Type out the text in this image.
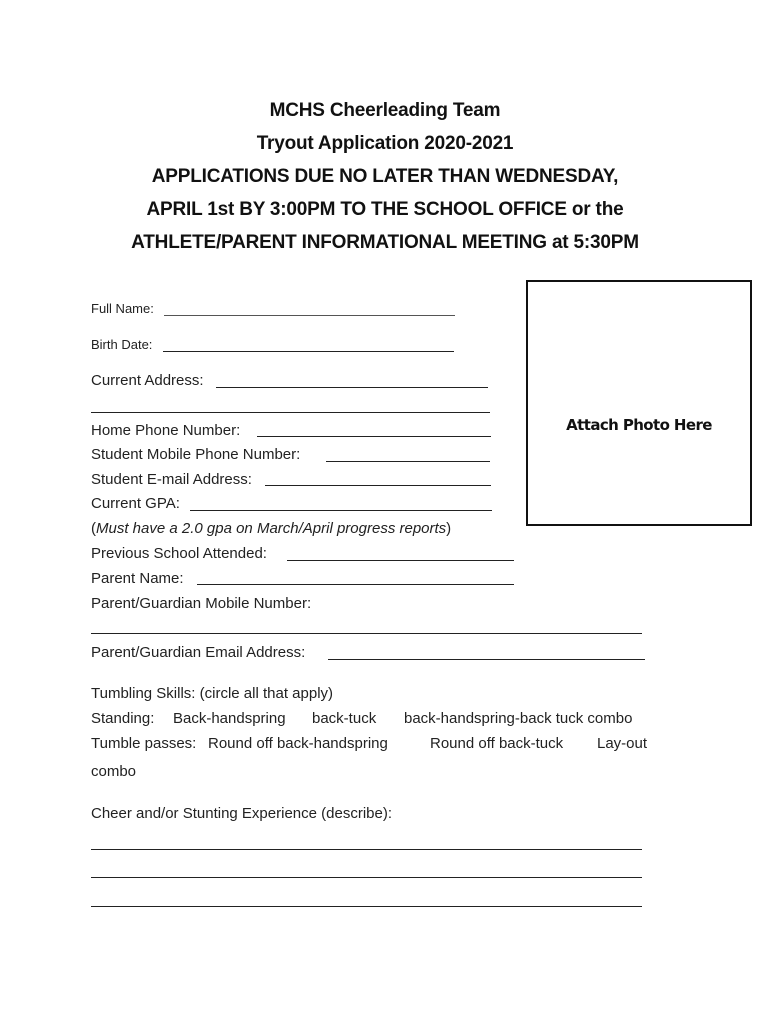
MCHS Cheerleading Team
Tryout Application 2020-2021
APPLICATIONS DUE NO LATER THAN WEDNESDAY,
APRIL 1st BY 3:00PM TO THE SCHOOL OFFICE or the
ATHLETE/PARENT INFORMATIONAL MEETING at 5:30PM
Attach Photo Here
Full Name:
Birth Date:
Current Address:
Home Phone Number:
Student Mobile Phone Number:
Student E-mail Address:
Current GPA:
(Must have a 2.0 gpa on March/April progress reports)
Previous School Attended:
Parent Name:
Parent/Guardian Mobile Number:
Parent/Guardian Email Address:
Tumbling Skills: (circle all that apply)
Standing: Back-handspring back-tuck back-handspring-back tuck combo
Tumble passes: Round off back-handspring	Round off back-tuck Lay-out
combo
Cheer and/or Stunting Experience (describe):
